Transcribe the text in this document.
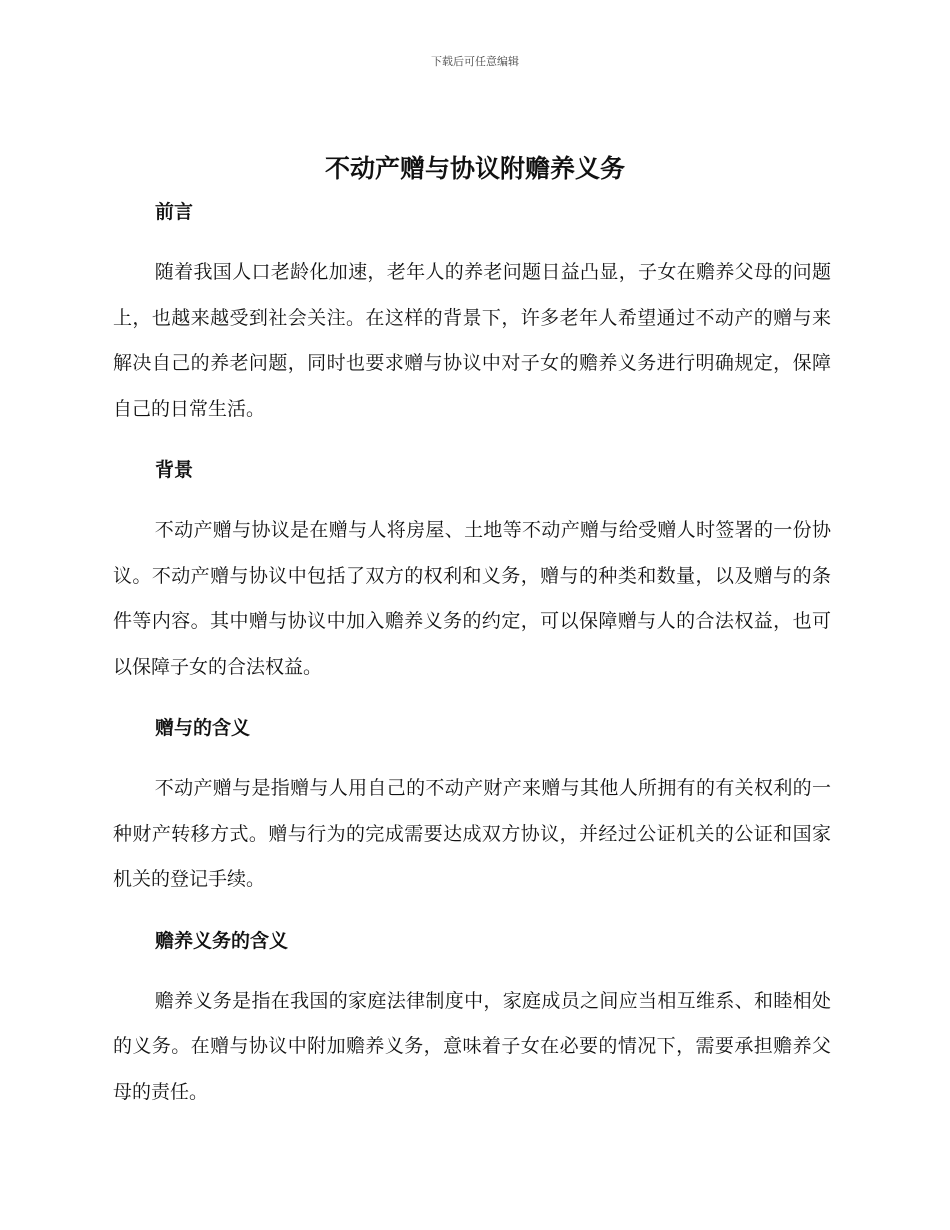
下载后可任意编辑
不动产赠与协议附赡养义务
前言

随着我国人口老龄化加速，老年人的养老问题日益凸显，子女在赡养父母的问题上，也越来越受到社会关注。在这样的背景下，许多老年人希望通过不动产的赠与来解决自己的养老问题，同时也要求赠与协议中对子女的赡养义务进行明确规定，保障自己的日常生活。

背景

不动产赠与协议是在赠与人将房屋、土地等不动产赠与给受赠人时签署的一份协议。不动产赠与协议中包括了双方的权利和义务，赠与的种类和数量，以及赠与的条件等内容。其中赠与协议中加入赡养义务的约定，可以保障赠与人的合法权益，也可以保障子女的合法权益。

赠与的含义

不动产赠与是指赠与人用自己的不动产财产来赠与其他人所拥有的有关权利的一种财产转移方式。赠与行为的完成需要达成双方协议，并经过公证机关的公证和国家机关的登记手续。

赡养义务的含义

赡养义务是指在我国的家庭法律制度中，家庭成员之间应当相互维系、和睦相处的义务。在赠与协议中附加赡养义务，意味着子女在必要的情况下，需要承担赡养父母的责任。
